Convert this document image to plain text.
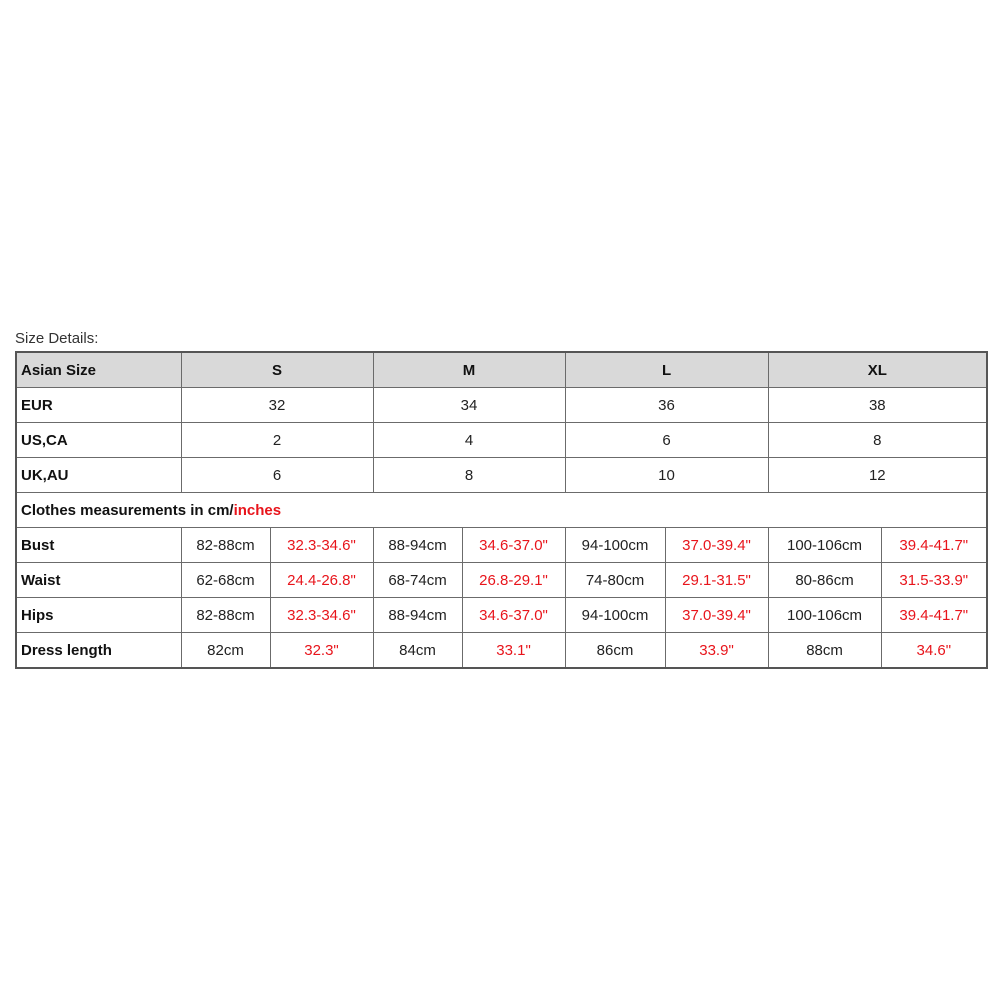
Size Details:
Asian Size	S		M		L		XL	
EUR	32		34		36		38	
US,CA	2		4		6		8	
UK,AU	6		8		10		12	
Clothes measurements in cm/inches								
Bust	82-88cm	32.3-34.6"	88-94cm	34.6-37.0"	94-100cm	37.0-39.4"	100-106cm	39.4-41.7"
Waist	62-68cm	24.4-26.8"	68-74cm	26.8-29.1"	74-80cm	29.1-31.5"	80-86cm	31.5-33.9"
Hips	82-88cm	32.3-34.6"	88-94cm	34.6-37.0"	94-100cm	37.0-39.4"	100-106cm	39.4-41.7"
Dress length	82cm	32.3"	84cm	33.1"	86cm	33.9"	88cm	34.6"
